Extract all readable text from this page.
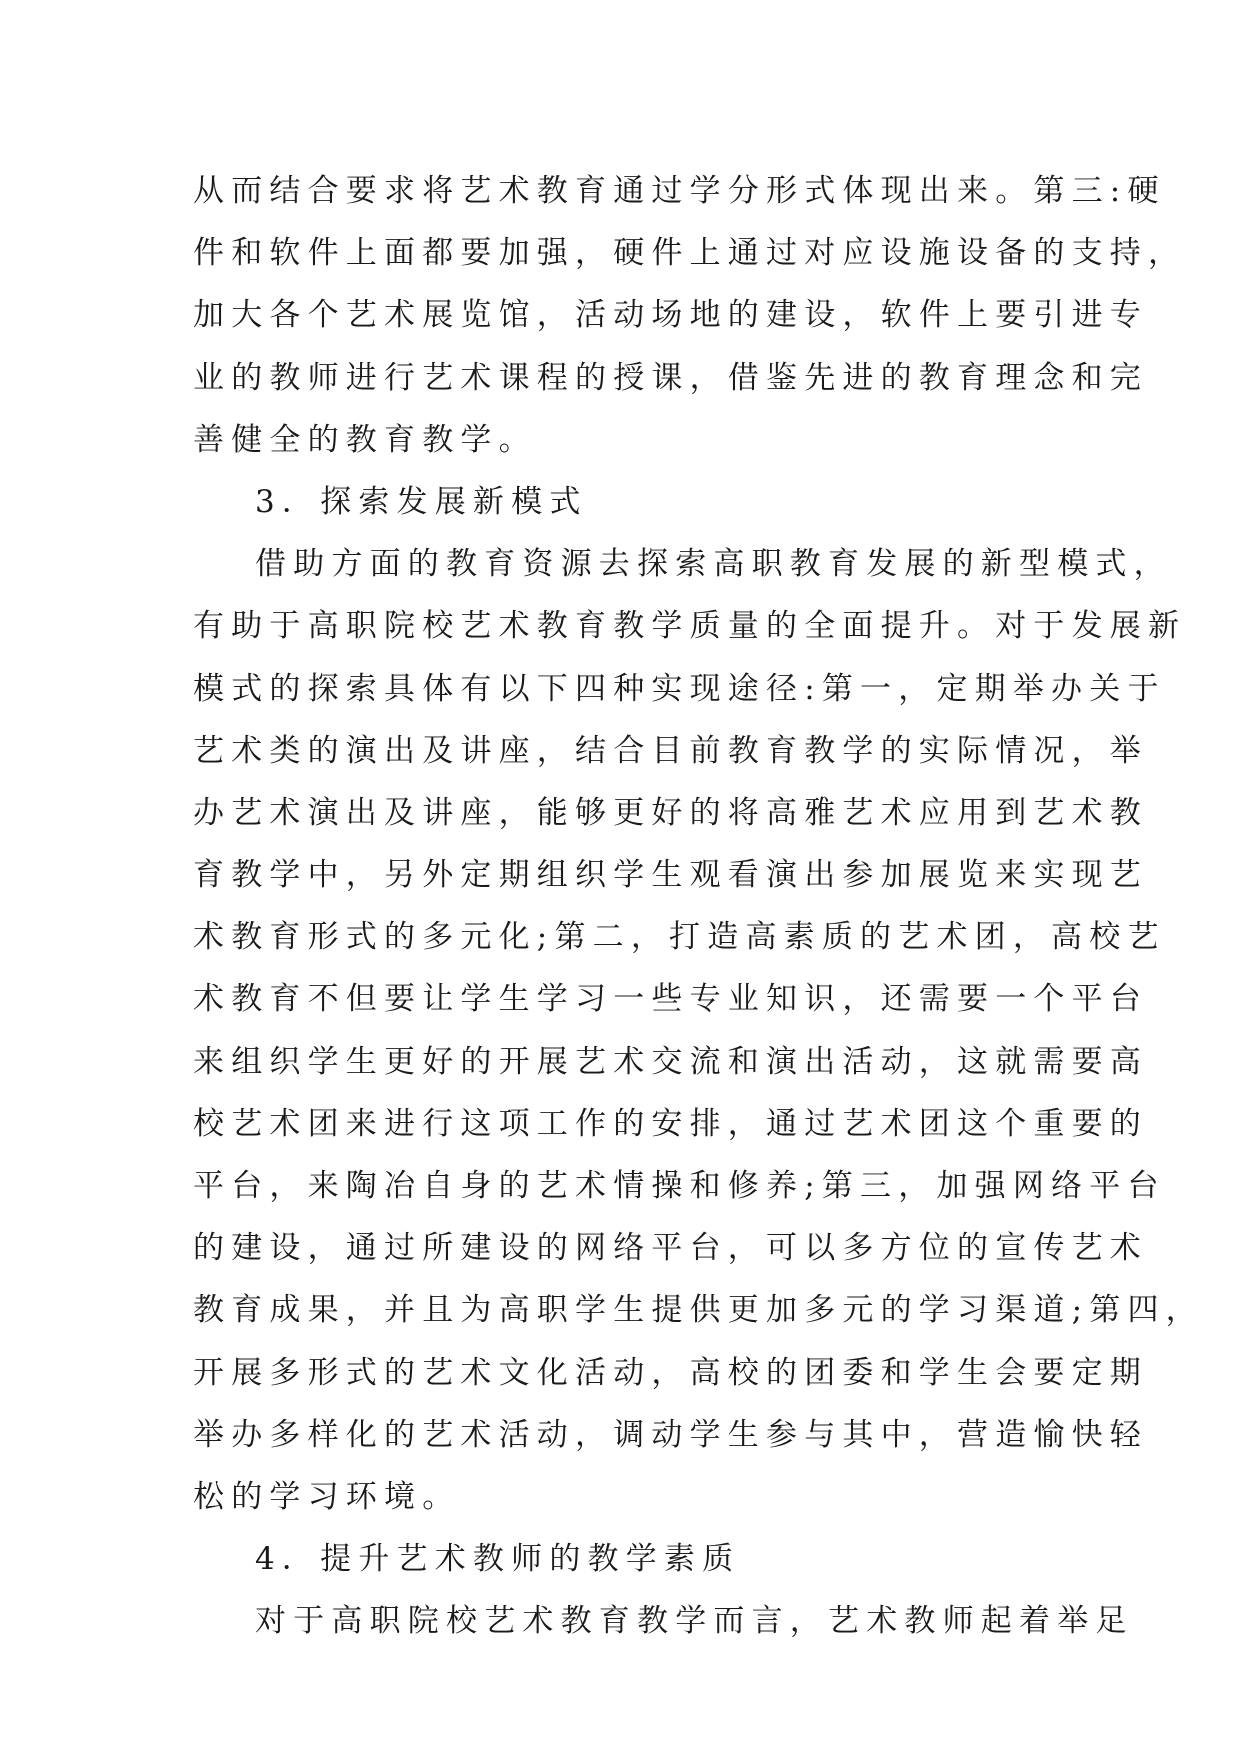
从而结合要求将艺术教育通过学分形式体现出来。第三:硬
件和软件上面都要加强，硬件上通过对应设施设备的支持，
加大各个艺术展览馆，活动场地的建设，软件上要引进专
业的教师进行艺术课程的授课，借鉴先进的教育理念和完
善健全的教育教学。
3．探索发展新模式
借助方面的教育资源去探索高职教育发展的新型模式，
有助于高职院校艺术教育教学质量的全面提升。对于发展新
模式的探索具体有以下四种实现途径:第一，定期举办关于
艺术类的演出及讲座，结合目前教育教学的实际情况，举
办艺术演出及讲座，能够更好的将高雅艺术应用到艺术教
育教学中，另外定期组织学生观看演出参加展览来实现艺
术教育形式的多元化;第二，打造高素质的艺术团，高校艺
术教育不但要让学生学习一些专业知识，还需要一个平台
来组织学生更好的开展艺术交流和演出活动，这就需要高
校艺术团来进行这项工作的安排，通过艺术团这个重要的
平台，来陶冶自身的艺术情操和修养;第三，加强网络平台
的建设，通过所建设的网络平台，可以多方位的宣传艺术
教育成果，并且为高职学生提供更加多元的学习渠道;第四，
开展多形式的艺术文化活动，高校的团委和学生会要定期
举办多样化的艺术活动，调动学生参与其中，营造愉快轻
松的学习环境。
4．提升艺术教师的教学素质
对于高职院校艺术教育教学而言，艺术教师起着举足
